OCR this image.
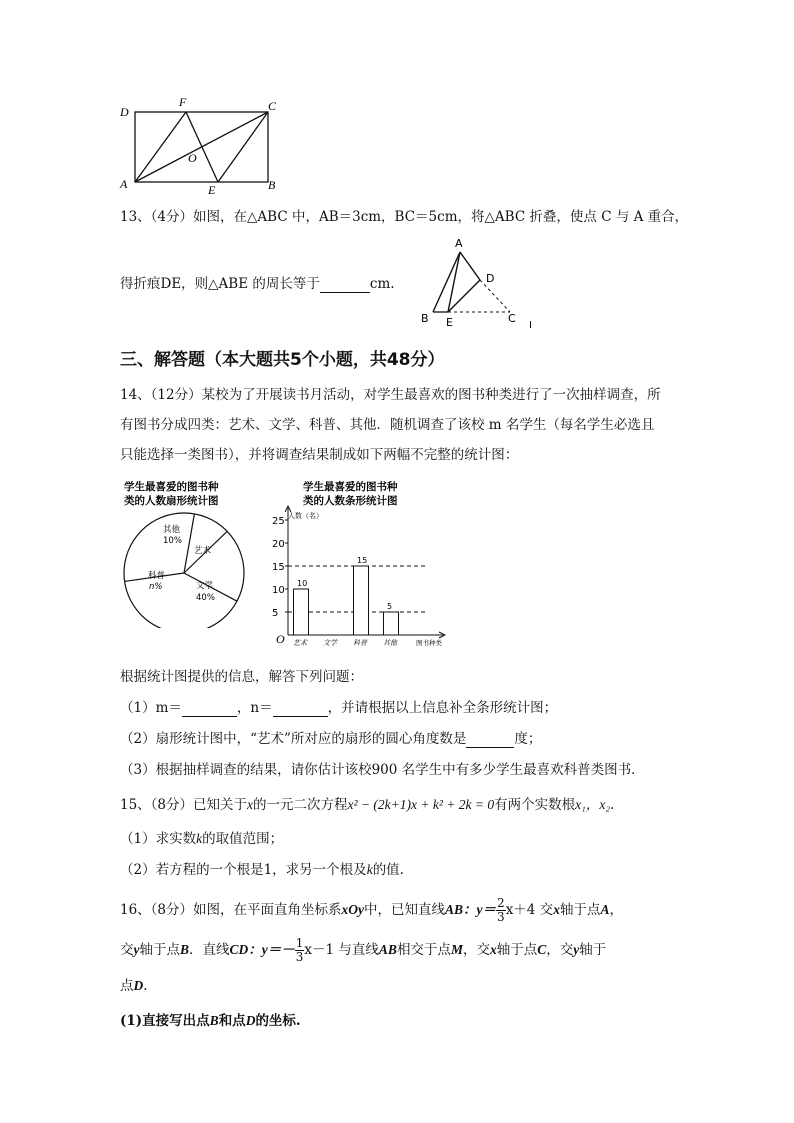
D
F	C
O
A	E	B
13、（4分）如图，在△ABC 中，AB＝3cm，BC＝5cm，将△ABC 折叠，使点 C 与 A 重合，
得折痕DE，则△ABE 的周长等于	cm.
A
D
B E	C
I
三、解答题（本大题共5个小题，共48分）
14、（12分）某校为了开展读书月活动，对学生最喜欢的图书种类进行了一次抽样调查，所
有图书分成四类：艺术、文学、科普、其他．随机调查了该校 m 名学生（每名学生必选且
只能选择一类图书），并将调查结果制成如下两幅不完整的统计图：
学生最喜爱的图书种
类的人数扇形统计图
艺术
文学
40%
科普
n%
其他
10%
学生最喜爱的图书种
类的人数条形统计图
人数（名）
图书种类
O
5
10
15
20
25
10
艺术 文学
15
科普
5
其他
根据统计图提供的信息，解答下列问题：
（1）m＝	，n＝	，并请根据以上信息补全条形统计图；
（2）扇形统计图中，“艺术”所对应的扇形的圆心角度数是	度；
（3）根据抽样调查的结果，请你估计该校900 名学生中有多少学生最喜欢科普类图书．
15、（8分）已知关于x的一元二次方程x² − (2k+1)x + k² + 2k = 0有两个实数根x₁，x₂.
（1）求实数k的取值范围；
（2）若方程的一个根是1，求另一个根及k的值.
16、（8分）如图，在平面直角坐标系xOy中，已知直线AB：$y= \frac{2}{3} x+4$ 交x轴于点A，
交y轴于点B．直线CD：$y=- \frac{1}{3} x-1$ 与直线AB相交于点M，交x轴于点C，交y轴于
点D.
(1)直接写出点B和点D的坐标.
